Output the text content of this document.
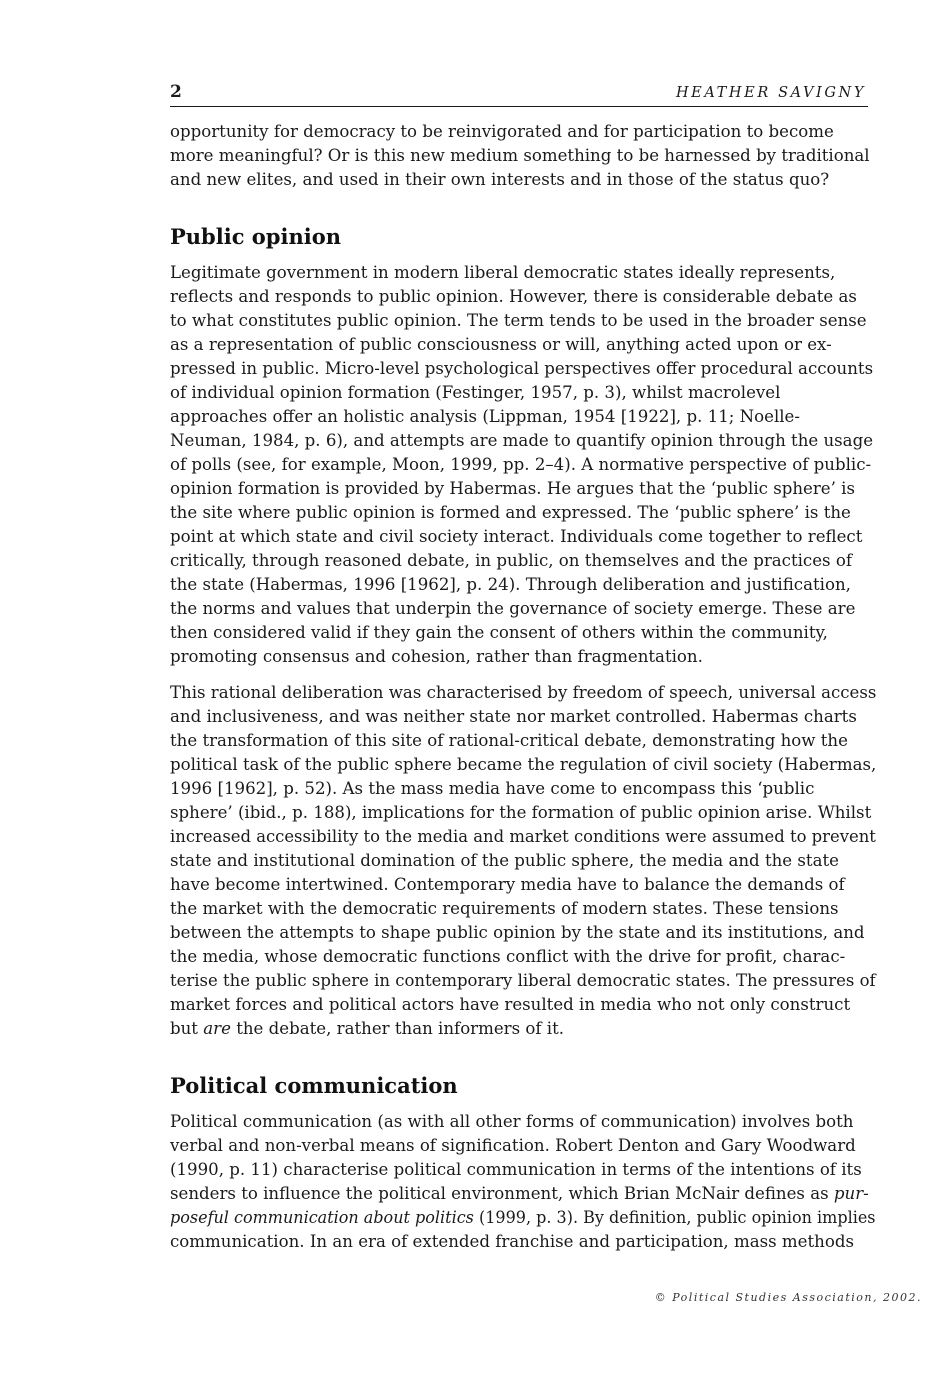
2	HEATHER SAVIGNY

opportunity for democracy to be reinvigorated and for participation to become
more meaningful? Or is this new medium something to be harnessed by traditional
and new elites, and used in their own interests and in those of the status quo?

Public opinion

Legitimate government in modern liberal democratic states ideally represents,
reflects and responds to public opinion. However, there is considerable debate as
to what constitutes public opinion. The term tends to be used in the broader sense
as a representation of public consciousness or will, anything acted upon or ex-
pressed in public. Micro-level psychological perspectives offer procedural accounts
of individual opinion formation (Festinger, 1957, p. 3), whilst macrolevel
approaches offer an holistic analysis (Lippman, 1954 [1922], p. 11; Noelle-
Neuman, 1984, p. 6), and attempts are made to quantify opinion through the usage
of polls (see, for example, Moon, 1999, pp. 2–4). A normative perspective of public-
opinion formation is provided by Habermas. He argues that the ‘public sphere’ is
the site where public opinion is formed and expressed. The ‘public sphere’ is the
point at which state and civil society interact. Individuals come together to reflect
critically, through reasoned debate, in public, on themselves and the practices of
the state (Habermas, 1996 [1962], p. 24). Through deliberation and justification,
the norms and values that underpin the governance of society emerge. These are
then considered valid if they gain the consent of others within the community,
promoting consensus and cohesion, rather than fragmentation.

This rational deliberation was characterised by freedom of speech, universal access
and inclusiveness, and was neither state nor market controlled. Habermas charts
the transformation of this site of rational-critical debate, demonstrating how the
political task of the public sphere became the regulation of civil society (Habermas,
1996 [1962], p. 52). As the mass media have come to encompass this ‘public
sphere’ (ibid., p. 188), implications for the formation of public opinion arise. Whilst
increased accessibility to the media and market conditions were assumed to prevent
state and institutional domination of the public sphere, the media and the state
have become intertwined. Contemporary media have to balance the demands of
the market with the democratic requirements of modern states. These tensions
between the attempts to shape public opinion by the state and its institutions, and
the media, whose democratic functions conflict with the drive for profit, charac-
terise the public sphere in contemporary liberal democratic states. The pressures of
market forces and political actors have resulted in media who not only construct
but are the debate, rather than informers of it.

Political communication

Political communication (as with all other forms of communication) involves both
verbal and non-verbal means of signification. Robert Denton and Gary Woodward
(1990, p. 11) characterise political communication in terms of the intentions of its
senders to influence the political environment, which Brian McNair defines as pur-
poseful communication about politics (1999, p. 3). By definition, public opinion implies
communication. In an era of extended franchise and participation, mass methods

© Political Studies Association, 2002.
